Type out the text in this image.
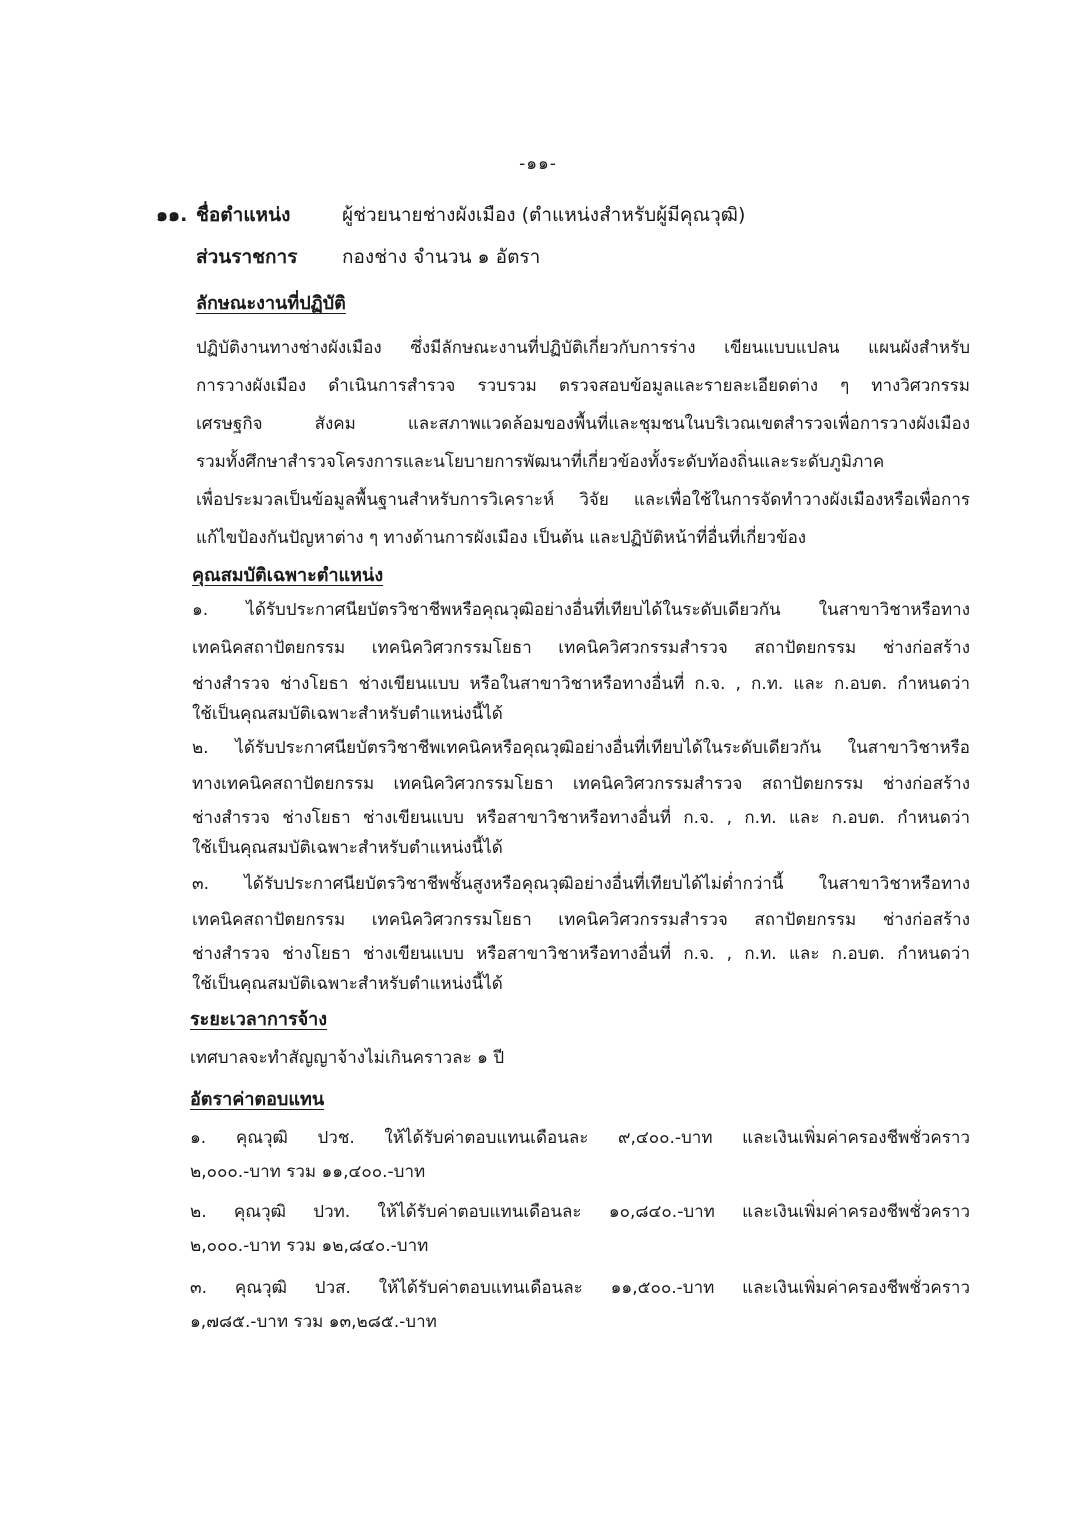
-๑๑-
๑๑. ชื่อตำแหน่ง	ผู้ช่วยนายช่างผังเมือง (ตำแหน่งสำหรับผู้มีคุณวุฒิ)
ส่วนราชการ กองช่าง จำนวน ๑ อัตรา
ลักษณะงานที่ปฏิบัติ
ปฏิบัติงานทางช่างผังเมือง ซึ่งมีลักษณะงานที่ปฏิบัติเกี่ยวกับการร่าง เขียนแบบแปลน แผนผังสำหรับ
การวางผังเมือง ดำเนินการสำรวจ รวบรวม ตรวจสอบข้อมูลและรายละเอียดต่าง ๆ ทางวิศวกรรม
เศรษฐกิจ สังคม และสภาพแวดล้อมของพื้นที่และชุมชนในบริเวณเขตสำรวจเพื่อการวางผังเมือง
รวมทั้งศึกษาสำรวจโครงการและนโยบายการพัฒนาที่เกี่ยวข้องทั้งระดับท้องถิ่นและระดับภูมิภาค
เพื่อประมวลเป็นข้อมูลพื้นฐานสำหรับการวิเคราะห์ วิจัย และเพื่อใช้ในการจัดทำวางผังเมืองหรือเพื่อการ
แก้ไขป้องกันปัญหาต่าง ๆ ทางด้านการผังเมือง เป็นต้น และปฏิบัติหน้าที่อื่นที่เกี่ยวข้อง
คุณสมบัติเฉพาะตำแหน่ง
๑. ได้รับประกาศนียบัตรวิชาชีพหรือคุณวุฒิอย่างอื่นที่เทียบได้ในระดับเดียวกัน ในสาขาวิชาหรือทาง
เทคนิคสถาปัตยกรรม เทคนิควิศวกรรมโยธา เทคนิควิศวกรรมสำรวจ สถาปัตยกรรม ช่างก่อสร้าง
ช่างสำรวจ ช่างโยธา ช่างเขียนแบบ หรือในสาขาวิชาหรือทางอื่นที่ ก.จ. , ก.ท. และ ก.อบต. กำหนดว่า
ใช้เป็นคุณสมบัติเฉพาะสำหรับตำแหน่งนี้ได้
๒. ได้รับประกาศนียบัตรวิชาชีพเทคนิคหรือคุณวุฒิอย่างอื่นที่เทียบได้ในระดับเดียวกัน ในสาขาวิชาหรือ
ทางเทคนิคสถาปัตยกรรม เทคนิควิศวกรรมโยธา เทคนิควิศวกรรมสำรวจ สถาปัตยกรรม ช่างก่อสร้าง
ช่างสำรวจ ช่างโยธา ช่างเขียนแบบ หรือสาขาวิชาหรือทางอื่นที่ ก.จ. , ก.ท. และ ก.อบต. กำหนดว่า
ใช้เป็นคุณสมบัติเฉพาะสำหรับตำแหน่งนี้ได้
๓. ได้รับประกาศนียบัตรวิชาชีพชั้นสูงหรือคุณวุฒิอย่างอื่นที่เทียบได้ไม่ต่ำกว่านี้ ในสาขาวิชาหรือทาง
เทคนิคสถาปัตยกรรม เทคนิควิศวกรรมโยธา เทคนิควิศวกรรมสำรวจ สถาปัตยกรรม ช่างก่อสร้าง
ช่างสำรวจ ช่างโยธา ช่างเขียนแบบ หรือสาขาวิชาหรือทางอื่นที่ ก.จ. , ก.ท. และ ก.อบต. กำหนดว่า
ใช้เป็นคุณสมบัติเฉพาะสำหรับตำแหน่งนี้ได้
ระยะเวลาการจ้าง
เทศบาลจะทำสัญญาจ้างไม่เกินคราวละ ๑ ปี
อัตราค่าตอบแทน
๑. คุณวุฒิ ปวช. ให้ได้รับค่าตอบแทนเดือนละ ๙,๔๐๐.-บาท และเงินเพิ่มค่าครองชีพชั่วคราว
๒,๐๐๐.-บาท รวม ๑๑,๔๐๐.-บาท
๒. คุณวุฒิ ปวท. ให้ได้รับค่าตอบแทนเดือนละ ๑๐,๘๔๐.-บาท และเงินเพิ่มค่าครองชีพชั่วคราว
๒,๐๐๐.-บาท รวม ๑๒,๘๔๐.-บาท
๓. คุณวุฒิ ปวส. ให้ได้รับค่าตอบแทนเดือนละ ๑๑,๕๐๐.-บาท และเงินเพิ่มค่าครองชีพชั่วคราว
๑,๗๘๕.-บาท รวม ๑๓,๒๘๕.-บาท
